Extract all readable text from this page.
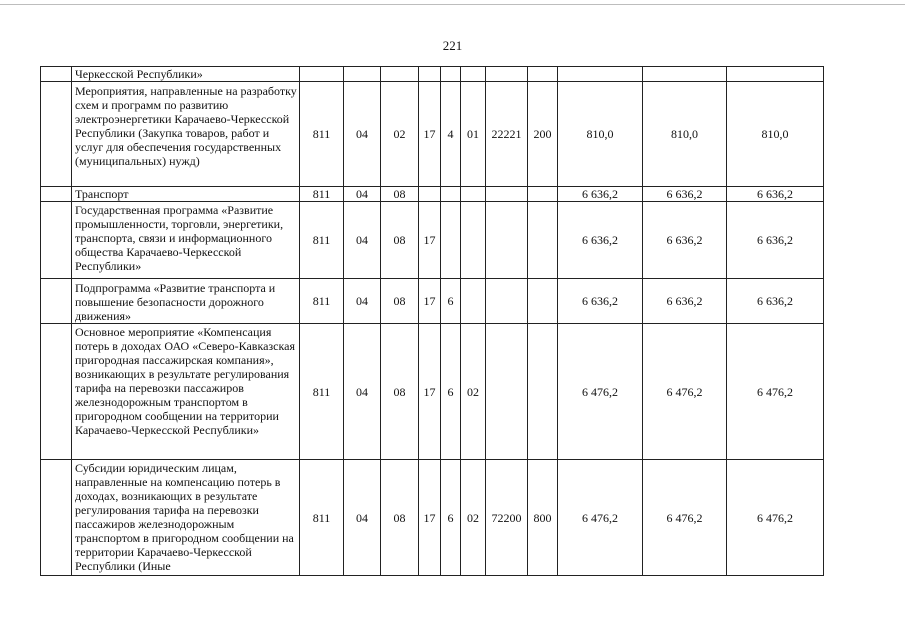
221
	Черкесской Республики»											
	Мероприятия, направленные на разработку схем и программ по развитию электроэнергетики Карачаево-Черкесской Республики (Закупка товаров, работ и услуг для обеспечения государственных (муниципальных) нужд)	811	04	02	17	4	01	22221	200	810,0	810,0	810,0
	Транспорт	811	04	08						6 636,2	6 636,2	6 636,2
	Государственная программа «Развитие промышленности, торговли, энергетики, транспорта, связи и информационного общества Карачаево-Черкесской Республики»	811	04	08	17					6 636,2	6 636,2	6 636,2
	Подпрограмма «Развитие транспорта и повышение безопасности дорожного движения»	811	04	08	17	6				6 636,2	6 636,2	6 636,2
	Основное мероприятие «Компенсация потерь в доходах ОАО «Северо-Кавказская пригородная пассажирская компания», возникающих в результате регулирования тарифа на перевозки пассажиров железнодорожным транспортом в пригородном сообщении на территории Карачаево-Черкесской Республики»	811	04	08	17	6	02			6 476,2	6 476,2	6 476,2
	Субсидии юридическим лицам, направленные на компенсацию потерь в доходах, возникающих в результате регулирования тарифа на перевозки пассажиров железнодорожным транспортом в пригородном сообщении на территории Карачаево-Черкесской Республики (Иные	811	04	08	17	6	02	72200	800	6 476,2	6 476,2	6 476,2
